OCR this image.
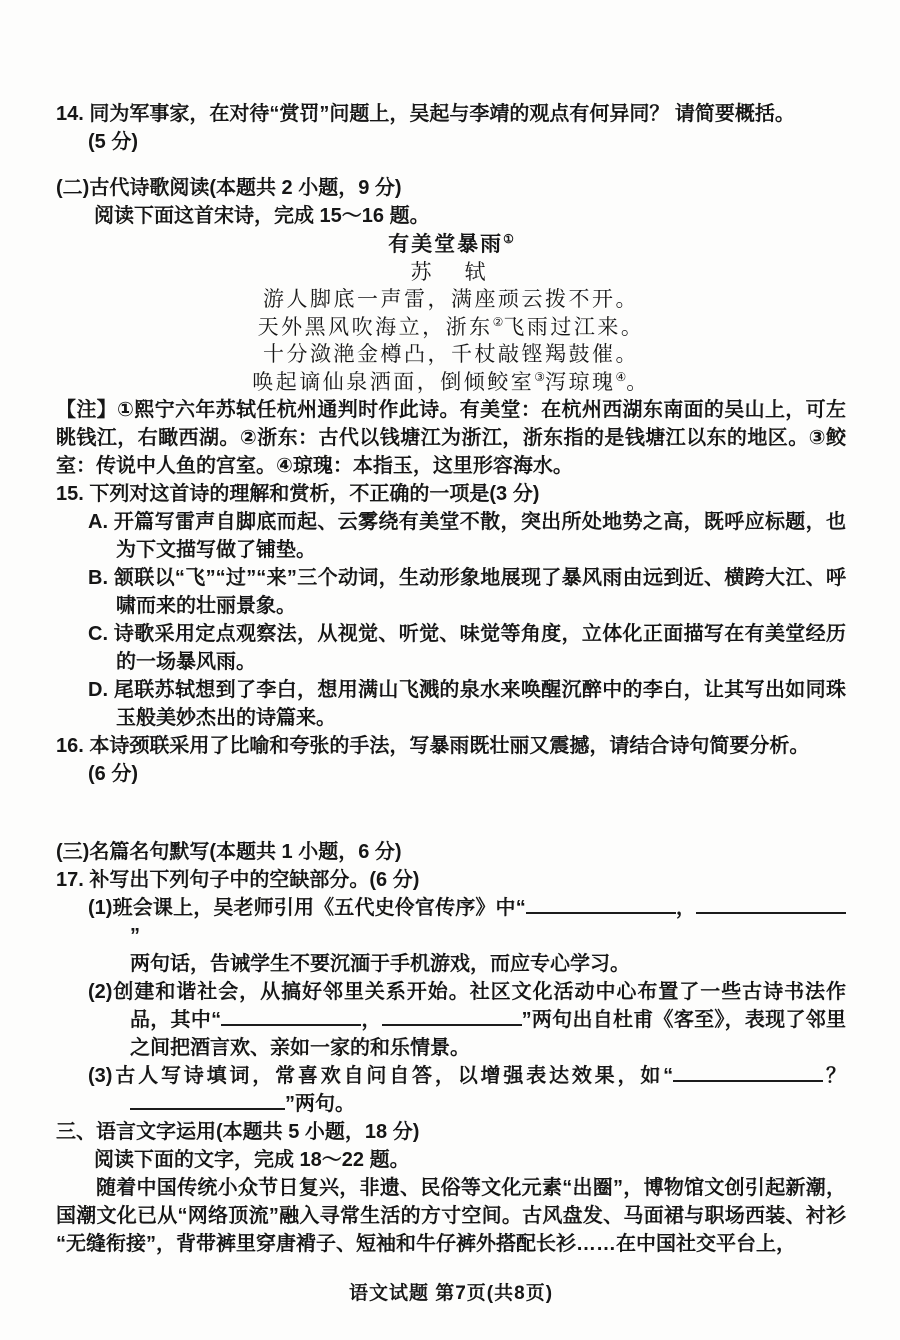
14. 同为军事家，在对待“赏罚”问题上，吴起与李靖的观点有何异同？ 请简要概括。
(5 分)
(二)古代诗歌阅读(本题共 2 小题，9 分)
阅读下面这首宋诗，完成 15～16 题。
有美堂暴雨①
苏　轼
游人脚底一声雷，满座顽云拨不开。
天外黑风吹海立，浙东②飞雨过江来。
十分潋滟金樽凸，千杖敲铿羯鼓催。
唤起谪仙泉洒面，倒倾鲛室③泻琼瑰④。
【注】①熙宁六年苏轼任杭州通判时作此诗。有美堂：在杭州西湖东南面的吴山上，可左眺钱江，右瞰西湖。②浙东：古代以钱塘江为浙江，浙东指的是钱塘江以东的地区。③鲛室：传说中人鱼的宫室。④琼瑰：本指玉，这里形容海水。
15. 下列对这首诗的理解和赏析，不正确的一项是(3 分)
A. 开篇写雷声自脚底而起、云雾绕有美堂不散，突出所处地势之高，既呼应标题，也为下文描写做了铺垫。
B. 颔联以“飞”“过”“来”三个动词，生动形象地展现了暴风雨由远到近、横跨大江、呼啸而来的壮丽景象。
C. 诗歌采用定点观察法，从视觉、听觉、味觉等角度，立体化正面描写在有美堂经历的一场暴风雨。
D. 尾联苏轼想到了李白，想用满山飞溅的泉水来唤醒沉醉中的李白，让其写出如同珠玉般美妙杰出的诗篇来。
16. 本诗颈联采用了比喻和夸张的手法，写暴雨既壮丽又震撼，请结合诗句简要分析。
(6 分)
(三)名篇名句默写(本题共 1 小题，6 分)
17. 补写出下列句子中的空缺部分。(6 分)

(1)班会课上，吴老师引用《五代史伶官传序》中“	，”
两句话，告诫学生不要沉湎于手机游戏，而应专心学习。

(2)创建和谐社会，从搞好邻里关系开始。社区文化活动中心布置了一些古诗书法作品，其中“	，	”两句出自杜甫《客至》，表现了邻里之间把酒言欢、亲如一家的和乐情景。

(3)古人写诗填词，常喜欢自问自答，以增强表达效果，如“	？ ”两句。

三、语言文字运用(本题共 5 小题，18 分)
阅读下面的文字，完成 18～22 题。
随着中国传统小众节日复兴，非遗、民俗等文化元素“出圈”，博物馆文创引起新潮，国潮文化已从“网络顶流”融入寻常生活的方寸空间。古风盘发、马面裙与职场西装、衬衫“无缝衔接”，背带裤里穿唐褙子、短袖和牛仔裤外搭配长衫……在中国社交平台上，
语文试题 第7页(共8页)
